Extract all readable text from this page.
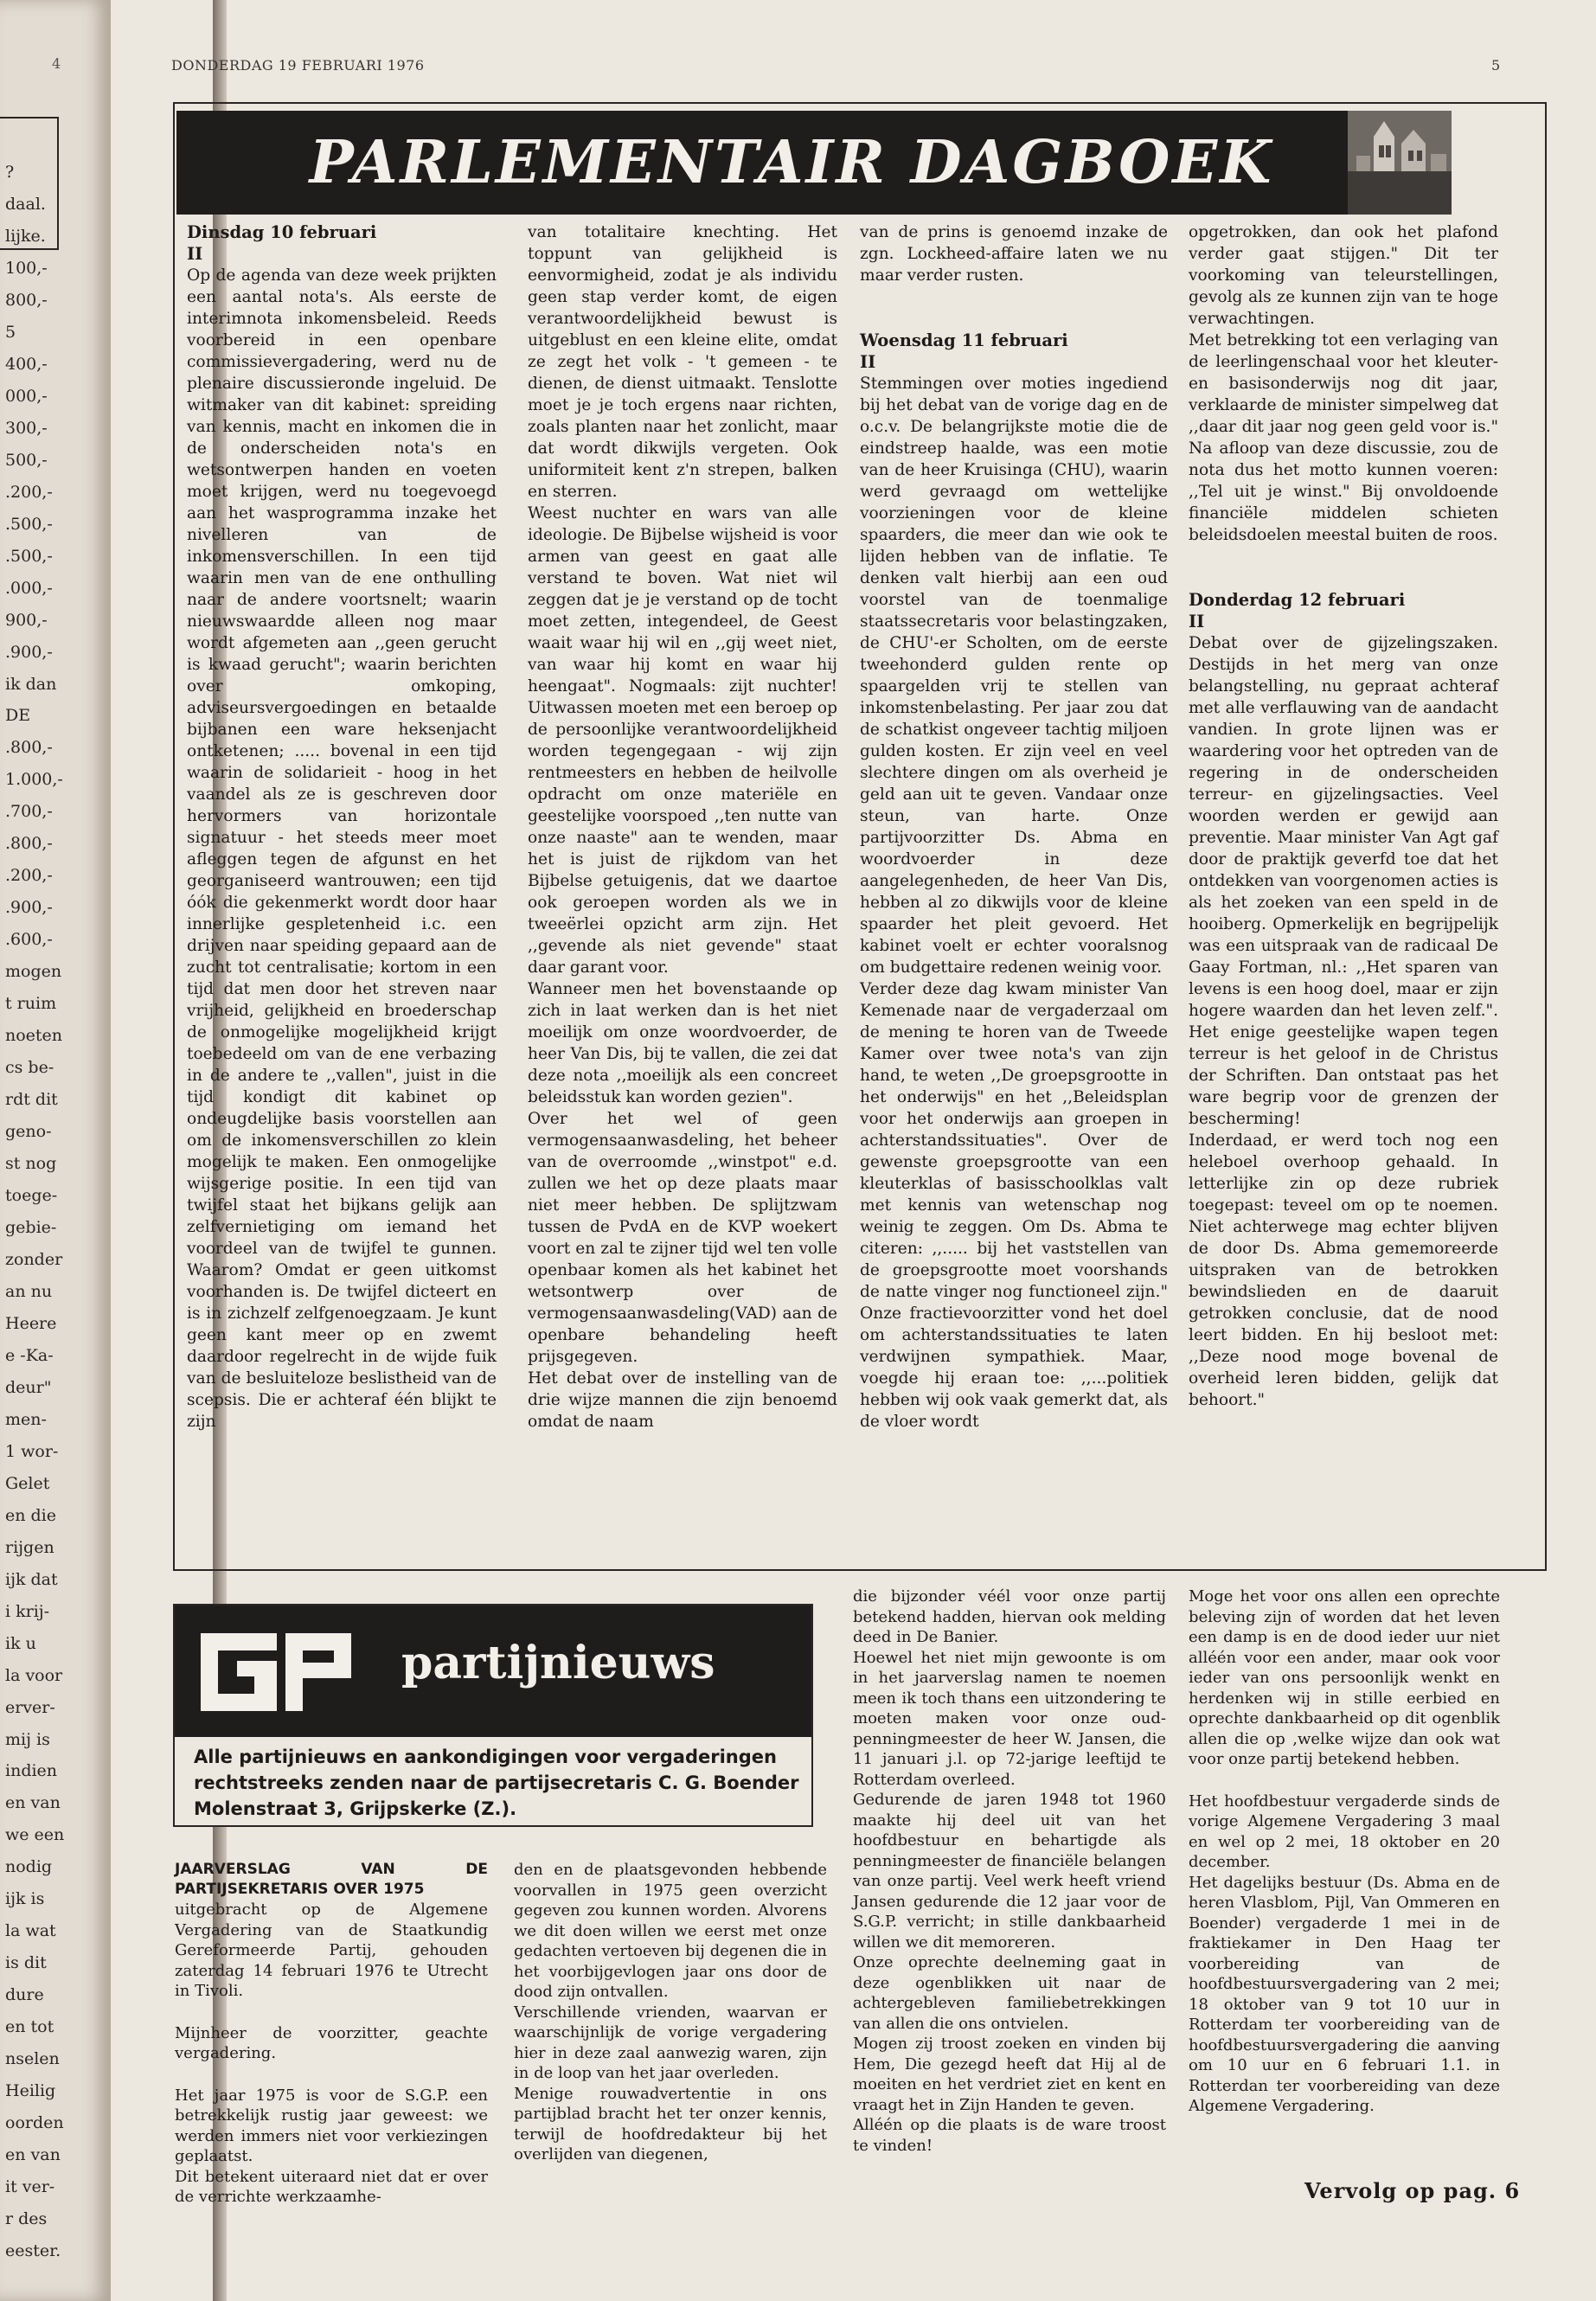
4
?
daal.
lijke.
100,-
800,-
5
400,-
000,-
300,-
500,-
.200,-
.500,-
.500,-
.000,-
900,-
.900,-
ik dan
DE
.800,-
1.000,-
.700,-
.800,-
.200,-
.900,-
.600,-
mogen
t ruim
noeten
cs be-
rdt dit
geno-
st nog
toege-
gebie-
zonder
an nu
Heere
e -Ka-
deur"
men-
1 wor-
Gelet
en die
rijgen
ijk dat
i krij-
ik u
la voor
erver-
mij is
indien
en van
we een
nodig
ijk is
la wat
is dit
dure
en tot
nselen
Heilig
oorden
en van
it ver-
r des
eester.
DONDERDAG 19 FEBRUARI 1976	5
PARLEMENTAIR DAGBOEK

Dinsdag 10 februari

II

Op de agenda van deze week prijkten een aantal nota's. Als eerste de interimnota inkomensbeleid. Reeds voorbereid in een openbare commissievergadering, werd nu de plenaire discussieronde ingeluid. De witmaker van dit kabinet: spreiding van kennis, macht en inkomen die in de onderscheiden nota's en wetsontwerpen handen en voeten moet krijgen, werd nu toegevoegd aan het wasprogramma inzake het nivelleren van de inkomensverschillen. In een tijd waarin men van de ene onthulling naar de andere voortsnelt; waarin nieuwswaardde alleen nog maar wordt afgemeten aan ,,geen gerucht is kwaad gerucht"; waarin berichten over omkoping, adviseursvergoedingen en betaalde bijbanen een ware heksenjacht ontketenen; ..... bovenal in een tijd waarin de solidarieit - hoog in het vaandel als ze is geschreven door hervormers van horizontale signatuur - het steeds meer moet afleggen tegen de afgunst en het georganiseerd wantrouwen; een tijd óók die gekenmerkt wordt door haar innerlijke gespletenheid i.c. een drijven naar speiding gepaard aan de zucht tot centralisatie; kortom in een tijd dat men door het streven naar vrijheid, gelijkheid en broederschap de onmogelijke mogelijkheid krijgt toebedeeld om van de ene verbazing in de andere te ,,vallen", juist in die tijd kondigt dit kabinet op ondeugdelijke basis voorstellen aan om de inkomensverschillen zo klein mogelijk te maken. Een onmogelijke wijsgerige positie. In een tijd van twijfel staat het bijkans gelijk aan zelfvernietiging om iemand het voordeel van de twijfel te gunnen. Waarom? Omdat er geen uitkomst voorhanden is. De twijfel dicteert en is in zichzelf zelfgenoegzaam. Je kunt geen kant meer op en zwemt daardoor regelrecht in de wijde fuik van de besluiteloze beslistheid van de scepsis. Die er achteraf één blijkt te zijn

van totalitaire knechting. Het toppunt van gelijkheid is eenvormigheid, zodat je als individu geen stap verder komt, de eigen verantwoordelijkheid bewust is uitgeblust en een kleine elite, omdat ze zegt het volk - 't gemeen - te dienen, de dienst uitmaakt. Tenslotte moet je je toch ergens naar richten, zoals planten naar het zonlicht, maar dat wordt dikwijls vergeten. Ook uniformiteit kent z'n strepen, balken en sterren.

Weest nuchter en wars van alle ideologie. De Bijbelse wijsheid is voor armen van geest en gaat alle verstand te boven. Wat niet wil zeggen dat je je verstand op de tocht moet zetten, integendeel, de Geest waait waar hij wil en ,,gij weet niet, van waar hij komt en waar hij heengaat". Nogmaals: zijt nuchter! Uitwassen moeten met een beroep op de persoonlijke verantwoordelijkheid worden tegengegaan - wij zijn rentmeesters en hebben de heilvolle opdracht om onze materiële en geestelijke voorspoed ,,ten nutte van onze naaste" aan te wenden, maar het is juist de rijkdom van het Bijbelse getuigenis, dat we daartoe ook geroepen worden als we in tweeërlei opzicht arm zijn. Het ,,gevende als niet gevende" staat daar garant voor.

Wanneer men het bovenstaande op zich in laat werken dan is het niet moeilijk om onze woordvoerder, de heer Van Dis, bij te vallen, die zei dat deze nota ,,moeilijk als een concreet beleidsstuk kan worden gezien".

Over het wel of geen vermogensaanwasdeling, het beheer van de overroomde ,,winstpot" e.d. zullen we het op deze plaats maar niet meer hebben. De splijtzwam tussen de PvdA en de KVP woekert voort en zal te zijner tijd wel ten volle openbaar komen als het kabinet het wetsontwerp over de vermogensaanwasdeling(VAD) aan de openbare behandeling heeft prijsgegeven.

Het debat over de instelling van de drie wijze mannen die zijn benoemd omdat de naam

van de prins is genoemd inzake de zgn. Lockheed-affaire laten we nu maar verder rusten.

Woensdag 11 februari

II

Stemmingen over moties ingediend bij het debat van de vorige dag en de o.c.v. De belangrijkste motie die de eindstreep haalde, was een motie van de heer Kruisinga (CHU), waarin werd gevraagd om wettelijke voorzieningen voor de kleine spaarders, die meer dan wie ook te lijden hebben van de inflatie. Te denken valt hierbij aan een oud voorstel van de toenmalige staatssecretaris voor belastingzaken, de CHU'-er Scholten, om de eerste tweehonderd gulden rente op spaargelden vrij te stellen van inkomstenbelasting. Per jaar zou dat de schatkist ongeveer tachtig miljoen gulden kosten. Er zijn veel en veel slechtere dingen om als overheid je geld aan uit te geven. Vandaar onze steun, van harte. Onze partijvoorzitter Ds. Abma en woordvoerder in deze aangelegenheden, de heer Van Dis, hebben al zo dikwijls voor de kleine spaarder het pleit gevoerd. Het kabinet voelt er echter vooralsnog om budgettaire redenen weinig voor.

Verder deze dag kwam minister Van Kemenade naar de vergaderzaal om de mening te horen van de Tweede Kamer over twee nota's van zijn hand, te weten ,,De groepsgrootte in het onderwijs" en het ,,Beleidsplan voor het onderwijs aan groepen in achterstandssituaties". Over de gewenste groepsgrootte van een kleuterklas of basisschoolklas valt met kennis van wetenschap nog weinig te zeggen. Om Ds. Abma te citeren: ,,..... bij het vaststellen van de groepsgrootte moet voorshands de natte vinger nog functioneel zijn." Onze fractievoorzitter vond het doel om achterstandssituaties te laten verdwijnen sympathiek. Maar, voegde hij eraan toe: ,,...politiek hebben wij ook vaak gemerkt dat, als de vloer wordt

opgetrokken, dan ook het plafond verder gaat stijgen." Dit ter voorkoming van teleurstellingen, gevolg als ze kunnen zijn van te hoge verwachtingen.

Met betrekking tot een verlaging van de leerlingenschaal voor het kleuter- en basisonderwijs nog dit jaar, verklaarde de minister simpelweg dat ,,daar dit jaar nog geen geld voor is." Na afloop van deze discussie, zou de nota dus het motto kunnen voeren: ,,Tel uit je winst." Bij onvoldoende financiële middelen schieten beleidsdoelen meestal buiten de roos.

Donderdag 12 februari

II

Debat over de gijzelingszaken. Destijds in het merg van onze belangstelling, nu gepraat achteraf met alle verflauwing van de aandacht vandien. In grote lijnen was er waardering voor het optreden van de regering in de onderscheiden terreur- en gijzelingsacties. Veel woorden werden er gewijd aan preventie. Maar minister Van Agt gaf door de praktijk geverfd toe dat het ontdekken van voorgenomen acties is als het zoeken van een speld in de hooiberg. Opmerkelijk en begrijpelijk was een uitspraak van de radicaal De Gaay Fortman, nl.: ,,Het sparen van levens is een hoog doel, maar er zijn hogere waarden dan het leven zelf.". Het enige geestelijke wapen tegen terreur is het geloof in de Christus der Schriften. Dan ontstaat pas het ware begrip voor de grenzen der bescherming!

Inderdaad, er werd toch nog een heleboel overhoop gehaald. In letterlijke zin op deze rubriek toegepast: teveel om op te noemen. Niet achterwege mag echter blijven de door Ds. Abma gememoreerde uitspraken van de betrokken bewindslieden en de daaruit getrokken conclusie, dat de nood leert bidden. En hij besloot met: ,,Deze nood moge bovenal de overheid leren bidden, gelijk dat behoort."

partijnieuws
Alle partijnieuws en aankondigingen voor vergaderingen rechtstreeks zenden naar de partijsecretaris C. G. Boender Molenstraat 3, Grijpskerke (Z.).

JAARVERSLAG VAN DE PARTIJSEKRETARIS OVER 1975

uitgebracht op de Algemene Vergadering van de Staatkundig Gereformeerde Partij, gehouden zaterdag 14 februari 1976 te Utrecht in Tivoli.

Mijnheer de voorzitter, geachte vergadering.

Het jaar 1975 is voor de S.G.P. een betrekkelijk rustig jaar geweest: we werden immers niet voor verkiezingen geplaatst.

Dit betekent uiteraard niet dat er over de verrichte werkzaamhe-

den en de plaatsgevonden hebbende voorvallen in 1975 geen overzicht gegeven zou kunnen worden. Alvorens we dit doen willen we eerst met onze gedachten vertoeven bij degenen die in het voorbijgevlogen jaar ons door de dood zijn ontvallen.

Verschillende vrienden, waarvan er waarschijnlijk de vorige vergadering hier in deze zaal aanwezig waren, zijn in de loop van het jaar overleden.

Menige rouwadvertentie in ons partijblad bracht het ter onzer kennis, terwijl de hoofdredakteur bij het overlijden van diegenen,

die bijzonder véél voor onze partij betekend hadden, hiervan ook melding deed in De Banier.

Hoewel het niet mijn gewoonte is om in het jaarverslag namen te noemen meen ik toch thans een uitzondering te moeten maken voor onze oud-penningmeester de heer W. Jansen, die 11 januari j.l. op 72-jarige leeftijd te Rotterdam overleed.

Gedurende de jaren 1948 tot 1960 maakte hij deel uit van het hoofdbestuur en behartigde als penningmeester de financiële belangen van onze partij. Veel werk heeft vriend Jansen gedurende die 12 jaar voor de S.G.P. verricht; in stille dankbaarheid willen we dit memoreren.

Onze oprechte deelneming gaat in deze ogenblikken uit naar de achtergebleven familiebetrekkingen van allen die ons ontvielen.

Mogen zij troost zoeken en vinden bij Hem, Die gezegd heeft dat Hij al de moeiten en het verdriet ziet en kent en vraagt het in Zijn Handen te geven.

Alléén op die plaats is de ware troost te vinden!

Moge het voor ons allen een oprechte beleving zijn of worden dat het leven een damp is en de dood ieder uur niet alléén voor een ander, maar ook voor ieder van ons persoonlijk wenkt en herdenken wij in stille eerbied en oprechte dankbaarheid op dit ogenblik allen die op ,welke wijze dan ook wat voor onze partij betekend hebben.

Het hoofdbestuur vergaderde sinds de vorige Algemene Vergadering 3 maal en wel op 2 mei, 18 oktober en 20 december.

Het dagelijks bestuur (Ds. Abma en de heren Vlasblom, Pijl, Van Ommeren en Boender) vergaderde 1 mei in de fraktiekamer in Den Haag ter voorbereiding van de hoofdbestuursvergadering van 2 mei; 18 oktober van 9 tot 10 uur in Rotterdam ter voorbereiding van de hoofdbestuursvergadering die aanving om 10 uur en 6 februari 1.1. in Rotterdan ter voorbereiding van deze Algemene Vergadering.

Vervolg op pag. 6
